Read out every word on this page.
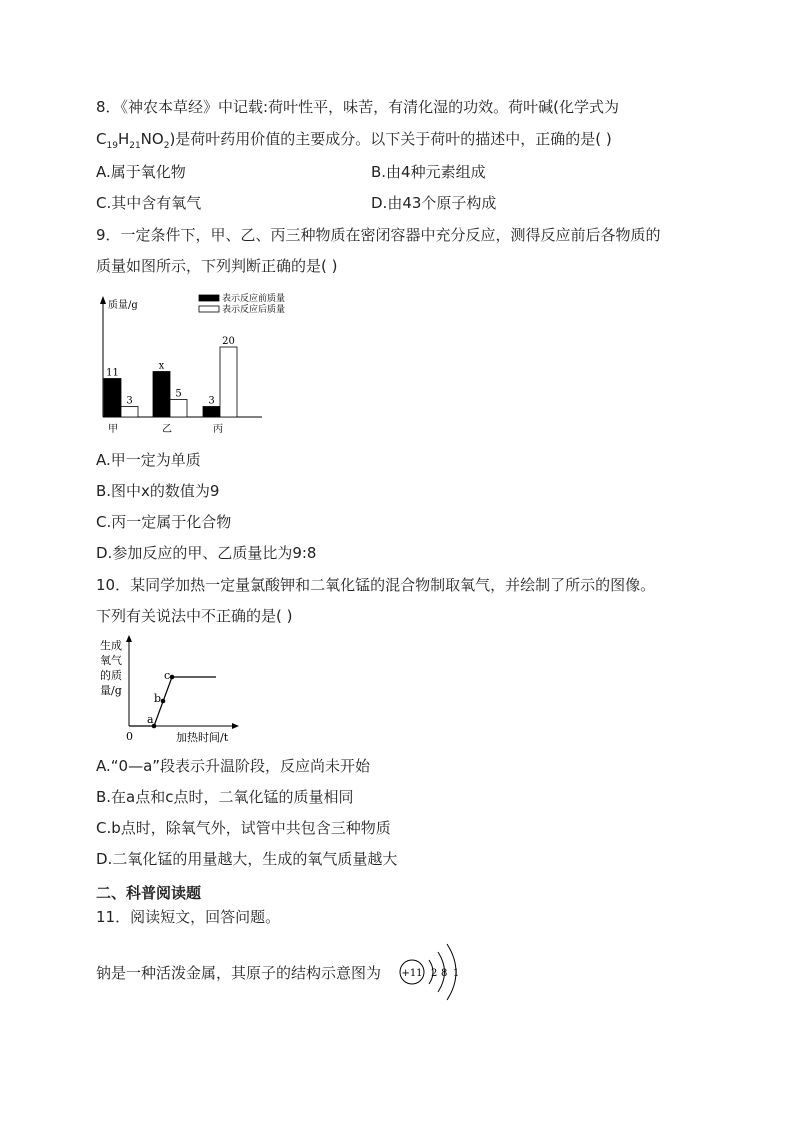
8．《神农本草经》中记载:荷叶性平，味苦，有清化湿的功效。荷叶碱(化学式为
$C_{19}H_{21}NO_2$)是荷叶药用价值的主要成分。以下关于荷叶的描述中，正确的是( )
A.属于氧化物	B.由4种元素组成
C.其中含有氧气	D.由43个原子构成
9．一定条件下，甲、乙、丙三种物质在密闭容器中充分反应，测得反应前后各物质的
质量如图所示，下列判断正确的是( )
质量/g
表示反应前质量
表示反应后质量
11
3
x
5
3
20
甲	乙	丙
A.甲一定为单质
B.图中x的数值为9
C.丙一定属于化合物
D.参加反应的甲、乙质量比为9:8
10．某同学加热一定量氯酸钾和二氧化锰的混合物制取氧气，并绘制了所示的图像。
下列有关说法中不正确的是( )
生成
氧气
的质
量/g
a
b
c
0	加热时间/t
A.“0—a”段表示升温阶段，反应尚未开始
B.在a点和c点时，二氧化锰的质量相同
C.b点时，除氧气外，试管中共包含三种物质
D.二氧化锰的用量越大，生成的氧气质量越大
二、科普阅读题
11．阅读短文，回答问题。
钠是一种活泼金属，其原子的结构示意图为 +11 2 8 1
